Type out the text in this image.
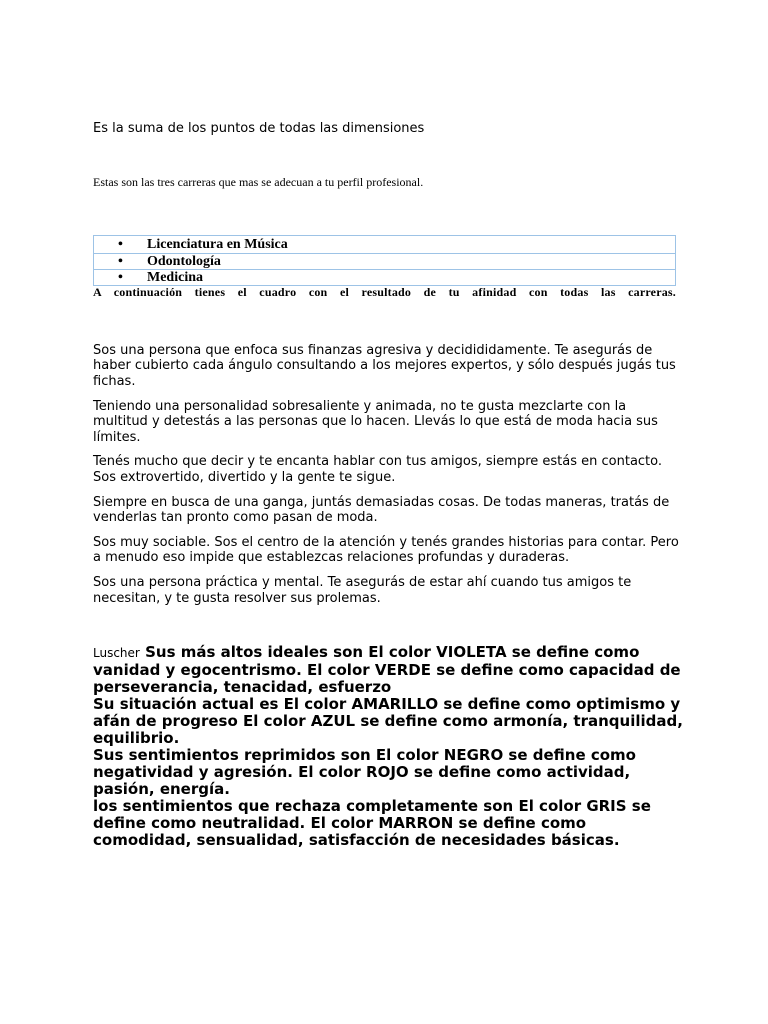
Es la suma de los puntos de todas las dimensiones

Estas son las tres carreras que mas se adecuan a tu perfil profesional.

• Licenciatura en Música
• Odontología
• Medicina

A continuación tienes el cuadro con el resultado de tu afinidad con todas las carreras.

Sos una persona que enfoca sus finanzas agresiva y decidididamente. Te asegurás de haber cubierto cada ángulo consultando a los mejores expertos, y sólo después jugás tus fichas.

Teniendo una personalidad sobresaliente y animada, no te gusta mezclarte con la multitud y detestás a las personas que lo hacen. Llevás lo que está de moda hacia sus límites.

Tenés mucho que decir y te encanta hablar con tus amigos, siempre estás en contacto. Sos extrovertido, divertido y la gente te sigue.

Siempre en busca de una ganga, juntás demasiadas cosas. De todas maneras, tratás de venderlas tan pronto como pasan de moda.

Sos muy sociable. Sos el centro de la atención y tenés grandes historias para contar. Pero a menudo eso impide que establezcas relaciones profundas y duraderas.

Sos una persona práctica y mental. Te asegurás de estar ahí cuando tus amigos te necesitan, y te gusta resolver sus prolemas.

Luscher Sus más altos ideales son El color VIOLETA se define como vanidad y egocentrismo. El color VERDE se define como capacidad de perseverancia, tenacidad, esfuerzo
Su situación actual es El color AMARILLO se define como optimismo y afán de progreso El color AZUL se define como armonía, tranquilidad, equilibrio.
Sus sentimientos reprimidos son El color NEGRO se define como negatividad y agresión. El color ROJO se define como actividad, pasión, energía.
los sentimientos que rechaza completamente son El color GRIS se define como neutralidad. El color MARRON se define como comodidad, sensualidad, satisfacción de necesidades básicas.
